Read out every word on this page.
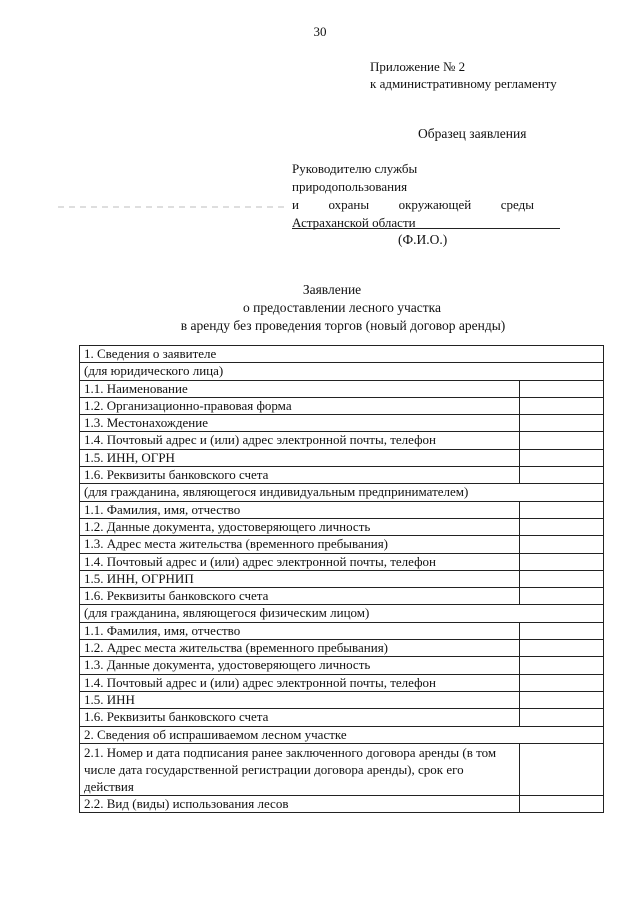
30
Приложение № 2
к административному регламенту
Образец заявления
Руководителю службы природопользования
и охраны окружающей среды
Астраханской области
(Ф.И.О.)
Заявление
о предоставлении лесного участка
в аренду без проведения торгов (новый договор аренды)
1. Сведения о заявителе	
(для юридического лица)	
1.1. Наименование	
1.2. Организационно-правовая форма	
1.3. Местонахождение	
1.4. Почтовый адрес и (или) адрес электронной почты, телефон	
1.5. ИНН, ОГРН	
1.6. Реквизиты банковского счета	
(для гражданина, являющегося индивидуальным предпринимателем)	
1.1. Фамилия, имя, отчество	
1.2. Данные документа, удостоверяющего личность	
1.3. Адрес места жительства (временного пребывания)	
1.4. Почтовый адрес и (или) адрес электронной почты, телефон	
1.5. ИНН, ОГРНИП	
1.6. Реквизиты банковского счета	
(для гражданина, являющегося физическим лицом)	
1.1. Фамилия, имя, отчество	
1.2. Адрес места жительства (временного пребывания)	
1.3. Данные документа, удостоверяющего личность	
1.4. Почтовый адрес и (или) адрес электронной почты, телефон	
1.5. ИНН	
1.6. Реквизиты банковского счета	
2. Сведения об испрашиваемом лесном участке	
2.1. Номер и дата подписания ранее заключенного договора аренды (в том числе дата государственной регистрации договора аренды), срок его действия	
2.2. Вид (виды) использования лесов	
